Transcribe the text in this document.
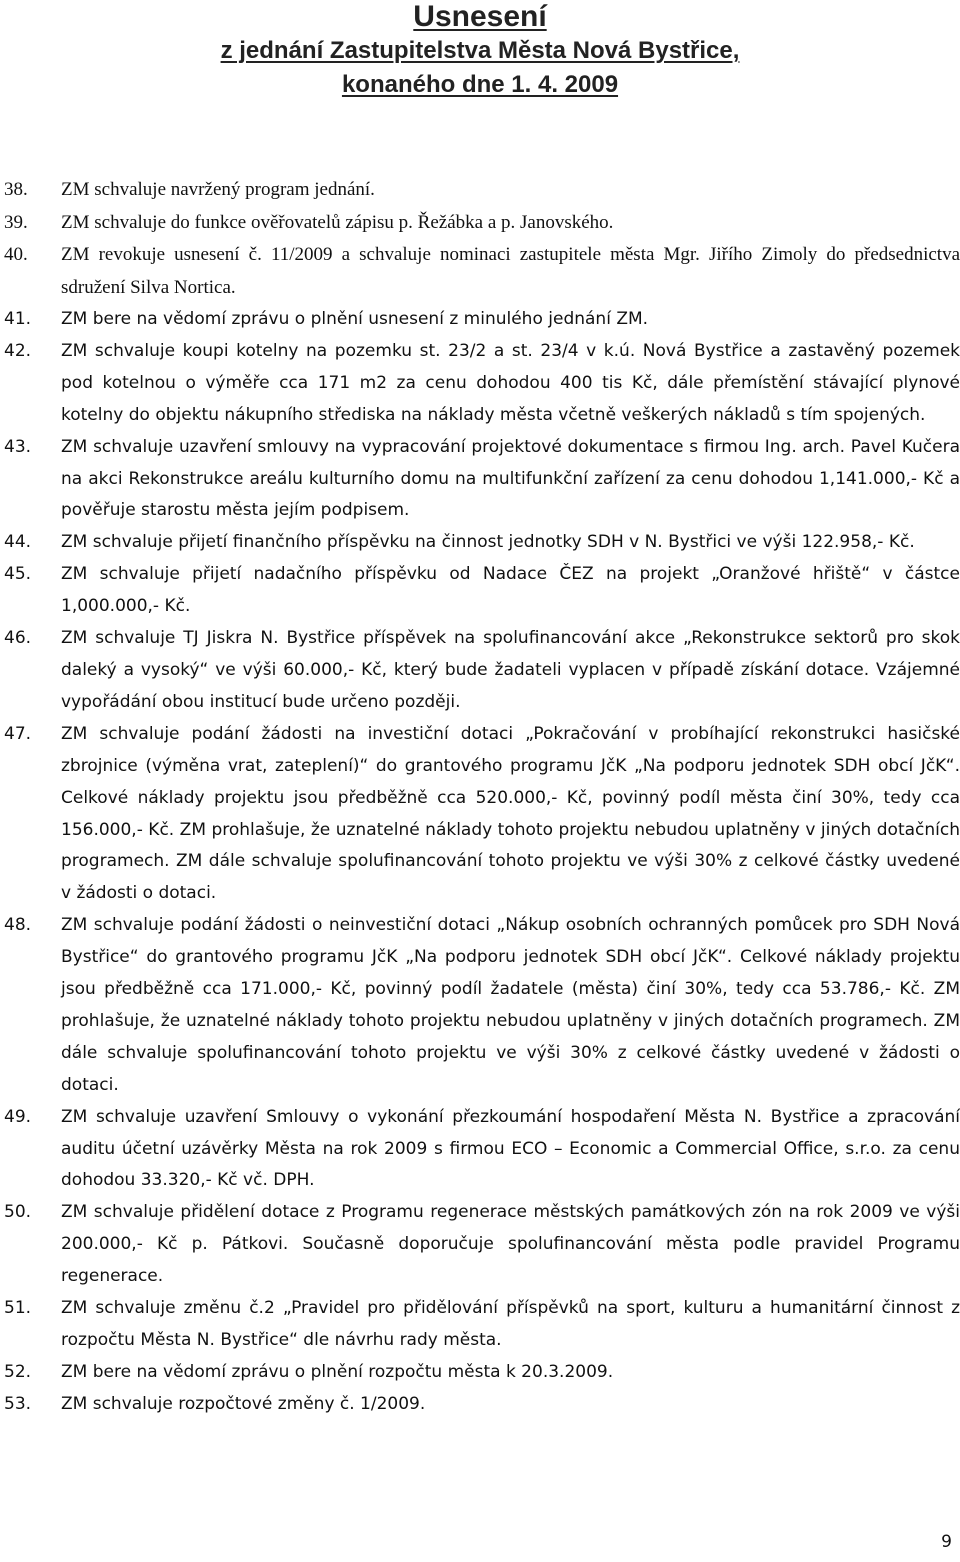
Usnesení
z jednání Zastupitelstva Města Nová Bystřice,
konaného dne 1. 4. 2009
38.	ZM schvaluje navržený program jednání.
39.	ZM schvaluje do funkce ověřovatelů zápisu p. Řežábka a p. Janovského.
40.	ZM revokuje usnesení č. 11/2009 a schvaluje nominaci zastupitele města Mgr. Jiřího Zimoly do předsednictva sdružení Silva Nortica.
41.	ZM bere na vědomí zprávu o plnění usnesení z minulého jednání ZM.
42.	ZM schvaluje koupi kotelny na pozemku st. 23/2 a st. 23/4 v k.ú. Nová Bystřice a zastavěný pozemek pod kotelnou o výměře cca 171 m2 za cenu dohodou 400 tis Kč, dále přemístění stávající plynové kotelny do objektu nákupního střediska na náklady města včetně veškerých nákladů s tím spojených.
43.	ZM schvaluje uzavření smlouvy na vypracování projektové dokumentace s firmou Ing. arch. Pavel Kučera na akci Rekonstrukce areálu kulturního domu na multifunkční zařízení za cenu dohodou 1,141.000,- Kč a pověřuje starostu města jejím podpisem.
44.	ZM schvaluje přijetí finančního příspěvku na činnost jednotky SDH v N. Bystřici ve výši 122.958,- Kč.
45.	ZM schvaluje přijetí nadačního příspěvku od Nadace ČEZ na projekt „Oranžové hřiště“ v částce 1,000.000,- Kč.
46.	ZM schvaluje TJ Jiskra N. Bystřice příspěvek na spolufinancování akce „Rekonstrukce sektorů pro skok daleký a vysoký“ ve výši 60.000,- Kč, který bude žadateli vyplacen v případě získání dotace. Vzájemné vypořádání obou institucí bude určeno později.
47.	ZM schvaluje podání žádosti na investiční dotaci „Pokračování v probíhající rekonstrukci hasičské zbrojnice (výměna vrat, zateplení)“ do grantového programu JčK „Na podporu jednotek SDH obcí JčK“. Celkové náklady projektu jsou předběžně cca 520.000,- Kč, povinný podíl města činí 30%, tedy cca 156.000,- Kč. ZM prohlašuje, že uznatelné náklady tohoto projektu nebudou uplatněny v jiných dotačních programech. ZM dále schvaluje spolufinancování tohoto projektu ve výši 30% z celkové částky uvedené v žádosti o dotaci.
48.	ZM schvaluje podání žádosti o neinvestiční dotaci „Nákup osobních ochranných pomůcek pro SDH Nová Bystřice“ do grantového programu JčK „Na podporu jednotek SDH obcí JčK“. Celkové náklady projektu jsou předběžně cca 171.000,- Kč, povinný podíl žadatele (města) činí 30%, tedy cca 53.786,- Kč. ZM prohlašuje, že uznatelné náklady tohoto projektu nebudou uplatněny v jiných dotačních programech. ZM dále schvaluje spolufinancování tohoto projektu ve výši 30% z celkové částky uvedené v žádosti o dotaci.
49.	ZM schvaluje uzavření Smlouvy o vykonání přezkoumání hospodaření Města N. Bystřice a zpracování auditu účetní uzávěrky Města na rok 2009 s firmou ECO – Economic a Commercial Office, s.r.o. za cenu dohodou 33.320,- Kč vč. DPH.
50.	ZM schvaluje přidělení dotace z Programu regenerace městských památkových zón na rok 2009 ve výši 200.000,- Kč p. Pátkovi. Současně doporučuje spolufinancování města podle pravidel Programu regenerace.
51.	ZM schvaluje změnu č.2 „Pravidel pro přidělování příspěvků na sport, kulturu a humanitární činnost z rozpočtu Města N. Bystřice“ dle návrhu rady města.
52.	ZM bere na vědomí zprávu o plnění rozpočtu města k 20.3.2009.
53.	ZM schvaluje rozpočtové změny č. 1/2009.
9
